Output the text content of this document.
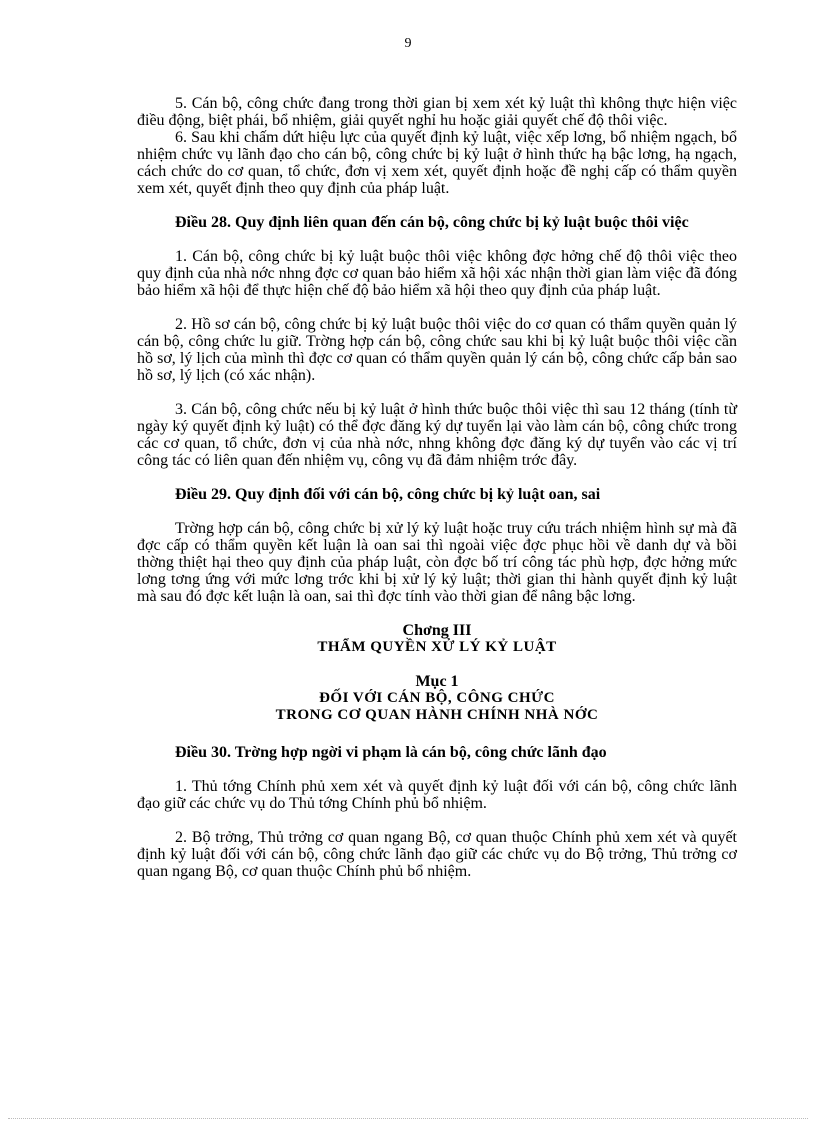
9

5. Cán bộ, công chức đang trong thời gian bị xem xét kỷ luật thì không thực hiện việc điều động, biệt phái, bổ nhiệm, giải quyết nghỉ hu hoặc giải quyết chế độ thôi việc.

6. Sau khi chấm dứt hiệu lực của quyết định kỷ luật, việc xếp lơng, bổ nhiệm ngạch, bổ nhiệm chức vụ lãnh đạo cho cán bộ, công chức bị kỷ luật ở hình thức hạ bậc lơng, hạ ngạch, cách chức do cơ quan, tổ chức, đơn vị xem xét, quyết định hoặc đề nghị cấp có thẩm quyền xem xét, quyết định theo quy định của pháp luật.

Điều 28. Quy định liên quan đến cán bộ, công chức bị kỷ luật buộc thôi việc

1. Cán bộ, công chức bị kỷ luật buộc thôi việc không đợc hởng chế độ thôi việc theo quy định của nhà nớc nhng đợc cơ quan bảo hiểm xã hội xác nhận thời gian làm việc đã đóng bảo hiểm xã hội để thực hiện chế độ bảo hiểm xã hội theo quy định của pháp luật.

2. Hồ sơ cán bộ, công chức bị kỷ luật buộc thôi việc do cơ quan có thẩm quyền quản lý cán bộ, công chức lu giữ. Trờng hợp cán bộ, công chức sau khi bị kỷ luật buộc thôi việc cần hồ sơ, lý lịch của mình thì đợc cơ quan có thẩm quyền quản lý cán bộ, công chức cấp bản sao hồ sơ, lý lịch (có xác nhận).

3. Cán bộ, công chức nếu bị kỷ luật ở hình thức buộc thôi việc thì sau 12 tháng (tính từ ngày ký quyết định kỷ luật) có thể đợc đăng ký dự tuyển lại vào làm cán bộ, công chức trong các cơ quan, tổ chức, đơn vị của nhà nớc, nhng không đợc đăng ký dự tuyển vào các vị trí công tác có liên quan đến nhiệm vụ, công vụ đã đảm nhiệm trớc đây.

Điều 29. Quy định đối với cán bộ, công chức bị kỷ luật oan, sai

Trờng hợp cán bộ, công chức bị xử lý kỷ luật hoặc truy cứu trách nhiệm hình sự mà đã đợc cấp có thẩm quyền kết luận là oan sai thì ngoài việc đợc phục hồi về danh dự và bồi thờng thiệt hại theo quy định của pháp luật, còn đợc bố trí công tác phù hợp, đợc hởng mức lơng tơng ứng với mức lơng trớc khi bị xử lý kỷ luật; thời gian thi hành quyết định kỷ luật mà sau đó đợc kết luận là oan, sai thì đợc tính vào thời gian để nâng bậc lơng.

Chơng III

THẨM QUYỀN XỬ LÝ KỶ LUẬT

Mục 1

ĐỐI VỚI CÁN BỘ, CÔNG CHỨC

TRONG CƠ QUAN HÀNH CHÍNH NHÀ NỚC

Điều 30. Trờng hợp ngời vi phạm là cán bộ, công chức lãnh đạo

1. Thủ tớng Chính phủ xem xét và quyết định kỷ luật đối với cán bộ, công chức lãnh đạo giữ các chức vụ do Thủ tớng Chính phủ bổ nhiệm.

2. Bộ trởng, Thủ trởng cơ quan ngang Bộ, cơ quan thuộc Chính phủ xem xét và quyết định kỷ luật đối với cán bộ, công chức lãnh đạo giữ các chức vụ do Bộ trởng, Thủ trởng cơ quan ngang Bộ, cơ quan thuộc Chính phủ bổ nhiệm.
